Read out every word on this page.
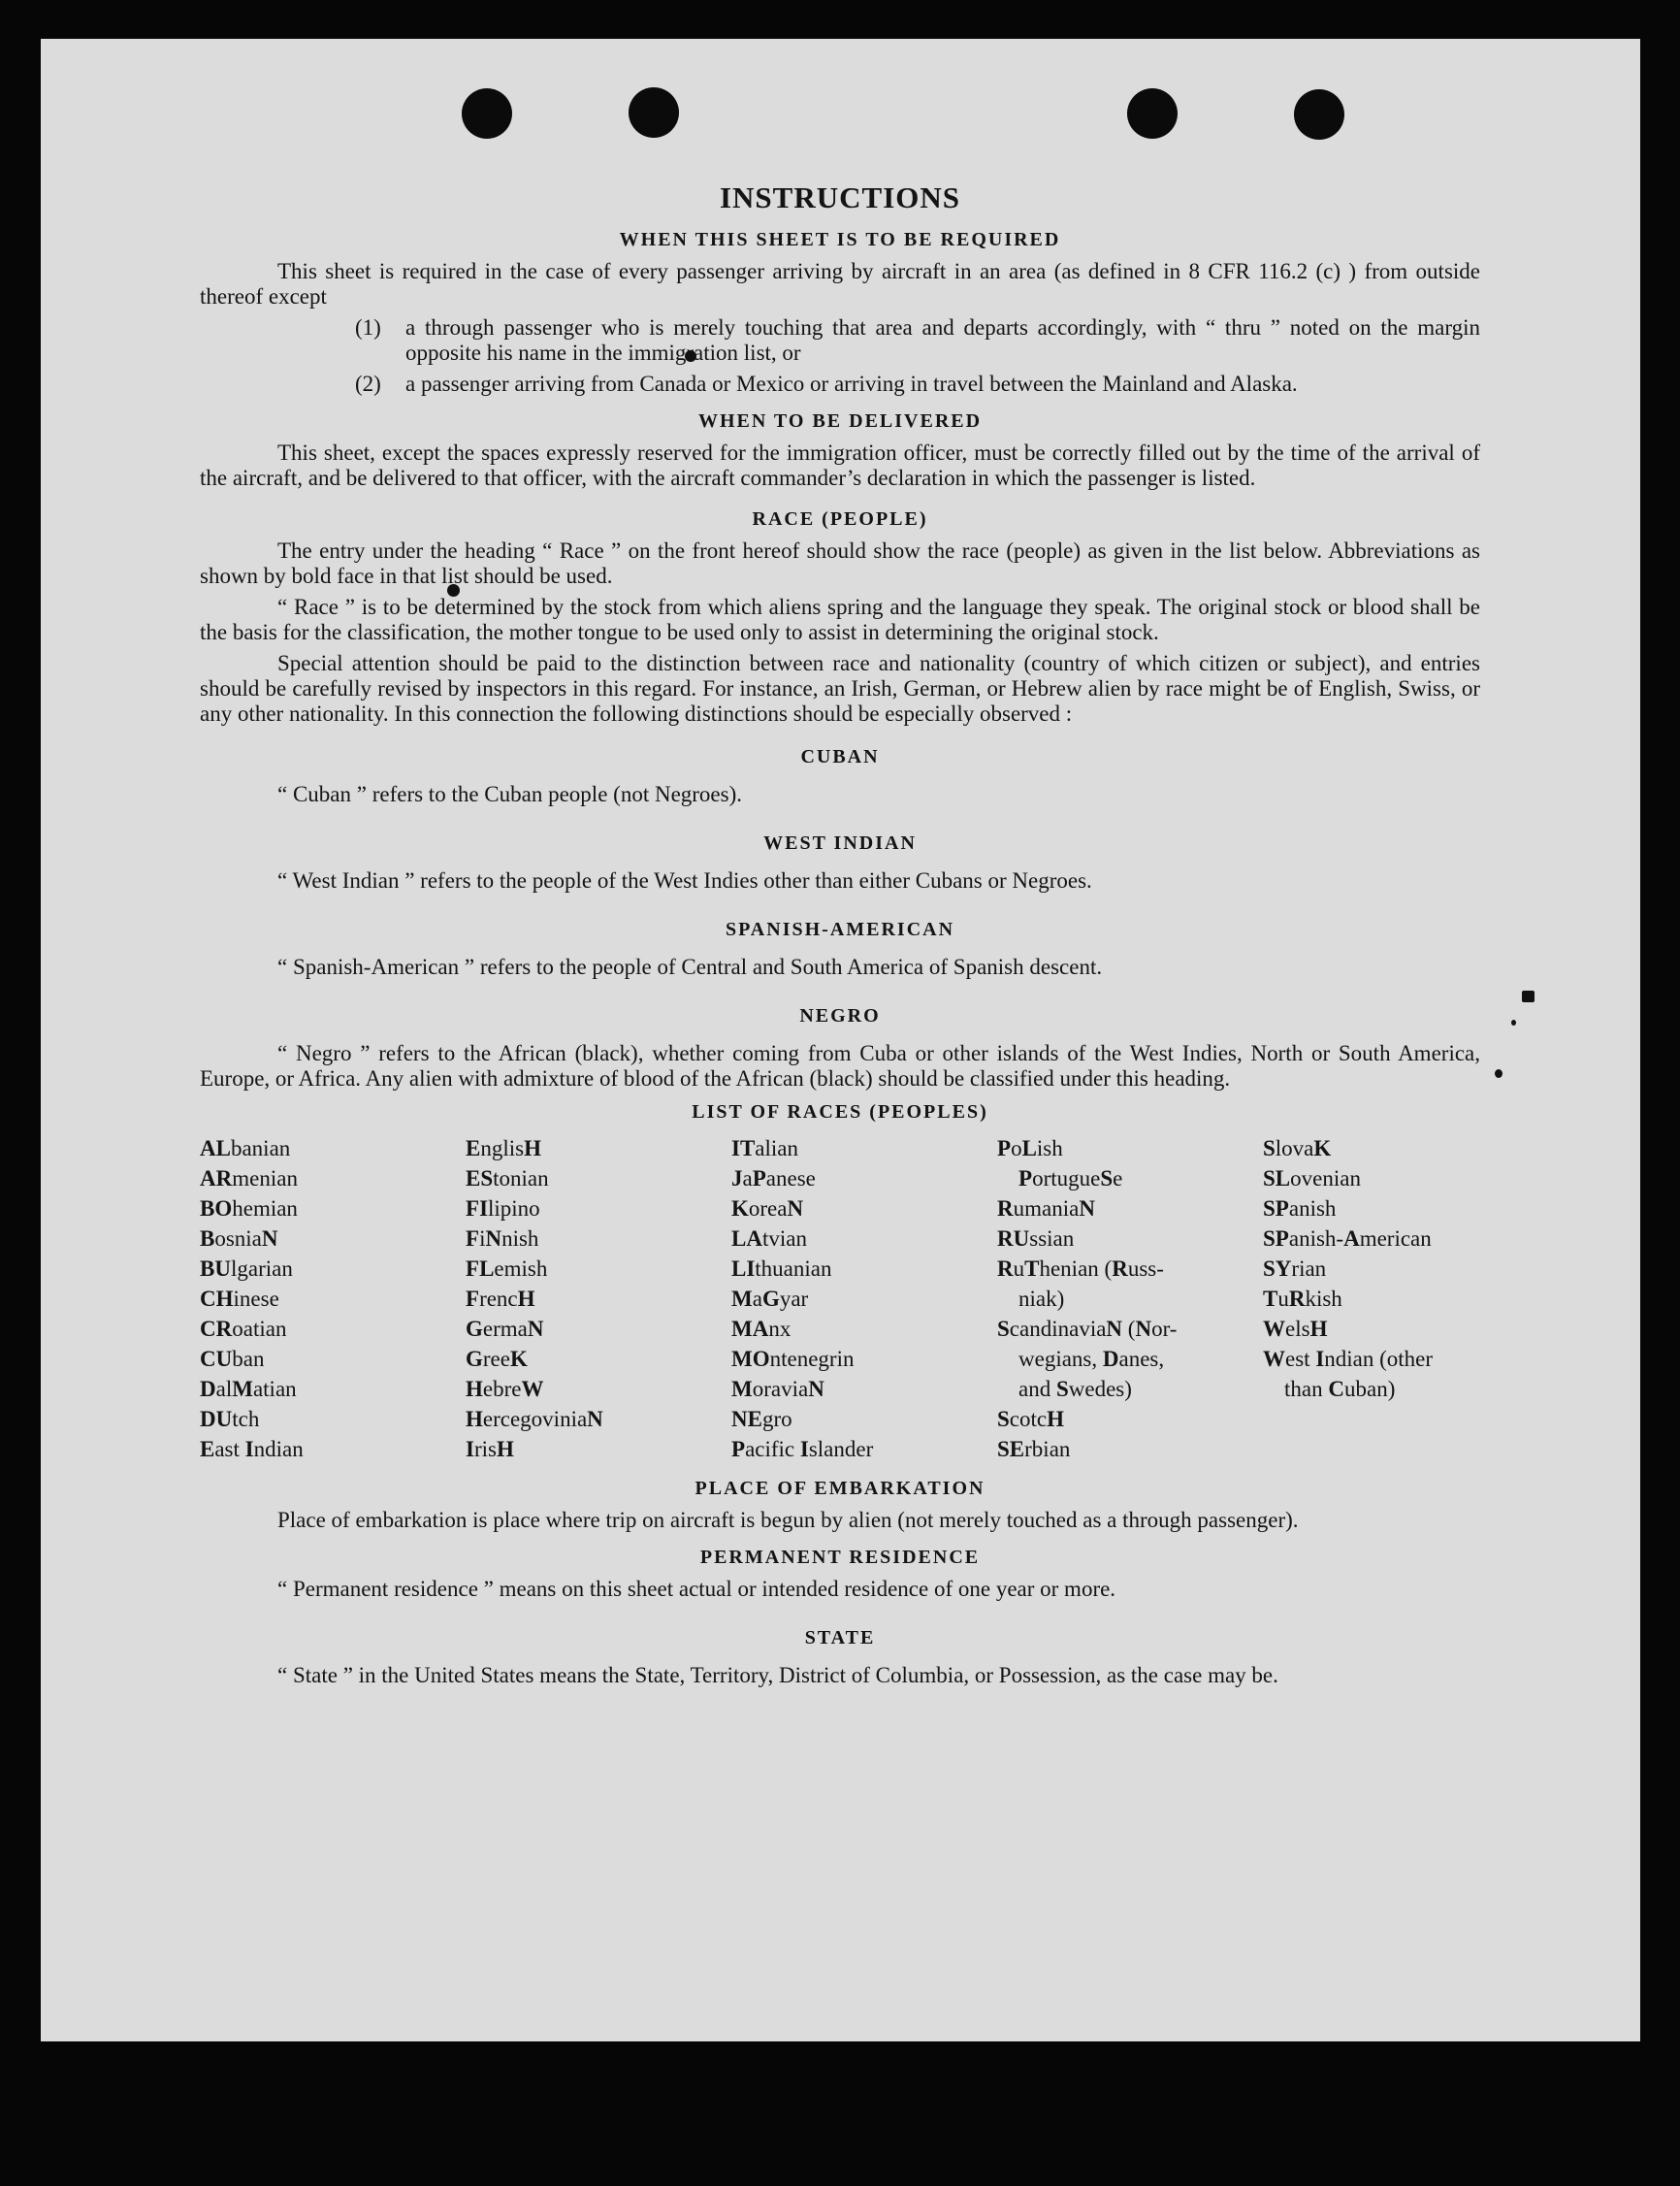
INSTRUCTIONS
WHEN THIS SHEET IS TO BE REQUIRED

This sheet is required in the case of every passenger arriving by aircraft in an area (as defined in 8 CFR 116.2 (c) ) from outside thereof except

(1)	a through passenger who is merely touching that area and departs accordingly, with “ thru ” noted on the margin opposite his name in the immigration list, or
(2)	a passenger arriving from Canada or Mexico or arriving in travel between the Mainland and Alaska.
WHEN TO BE DELIVERED

This sheet, except the spaces expressly reserved for the immigration officer, must be correctly filled out by the time of the arrival of the aircraft, and be delivered to that officer, with the aircraft commander’s declaration in which the passenger is listed.

RACE (PEOPLE)

The entry under the heading “ Race ” on the front hereof should show the race (people) as given in the list below. Abbreviations as shown by bold face in that list should be used.

“ Race ” is to be determined by the stock from which aliens spring and the language they speak. The original stock or blood shall be the basis for the classification, the mother tongue to be used only to assist in determining the original stock.

Special attention should be paid to the distinction between race and nationality (country of which citizen or subject), and entries should be carefully revised by inspectors in this regard. For instance, an Irish, German, or Hebrew alien by race might be of English, Swiss, or any other nationality. In this connection the following distinctions should be especially observed :

CUBAN
“ Cuban ” refers to the Cuban people (not Negroes).
WEST INDIAN
“ West Indian ” refers to the people of the West Indies other than either Cubans or Negroes.
SPANISH-AMERICAN
“ Spanish-American ” refers to the people of Central and South America of Spanish descent.
NEGRO

“ Negro ” refers to the African (black), whether coming from Cuba or other islands of the West Indies, North or South America, Europe, or Africa. Any alien with admixture of blood of the African (black) should be classified under this heading.

LIST OF RACES (PEOPLES)
ALbanian
ARmenian
BOhemian
BosniaN
BUlgarian
CHinese
CRoatian
CUban
DalMatian
DUtch
East Indian
EnglisH
EStonian
FIlipino
FiNnish
FLemish
FrencH
GermaN
GreeK
HebreW
HercegoviniaN
IrisH
ITalian
JaPanese
KoreaN
LAtvian
LIthuanian
MaGyar
MAnx
MOntenegrin
MoraviaN
NEgro
Pacific Islander
PoLish
PortugueSe
RumaniaN
RUssian
RuThenian (Russ-
niak)
ScandinaviaN (Nor-
wegians, Danes,
and Swedes)
ScotcH
SErbian
SlovaK
SLovenian
SPanish
SPanish-American
SYrian
TuRkish
WelsH
West Indian (other
than Cuban)
PLACE OF EMBARKATION

Place of embarkation is place where trip on aircraft is begun by alien (not merely touched as a through passenger).

PERMANENT RESIDENCE
“ Permanent residence ” means on this sheet actual or intended residence of one year or more.
STATE

“ State ” in the United States means the State, Territory, District of Columbia, or Possession, as the case may be.
